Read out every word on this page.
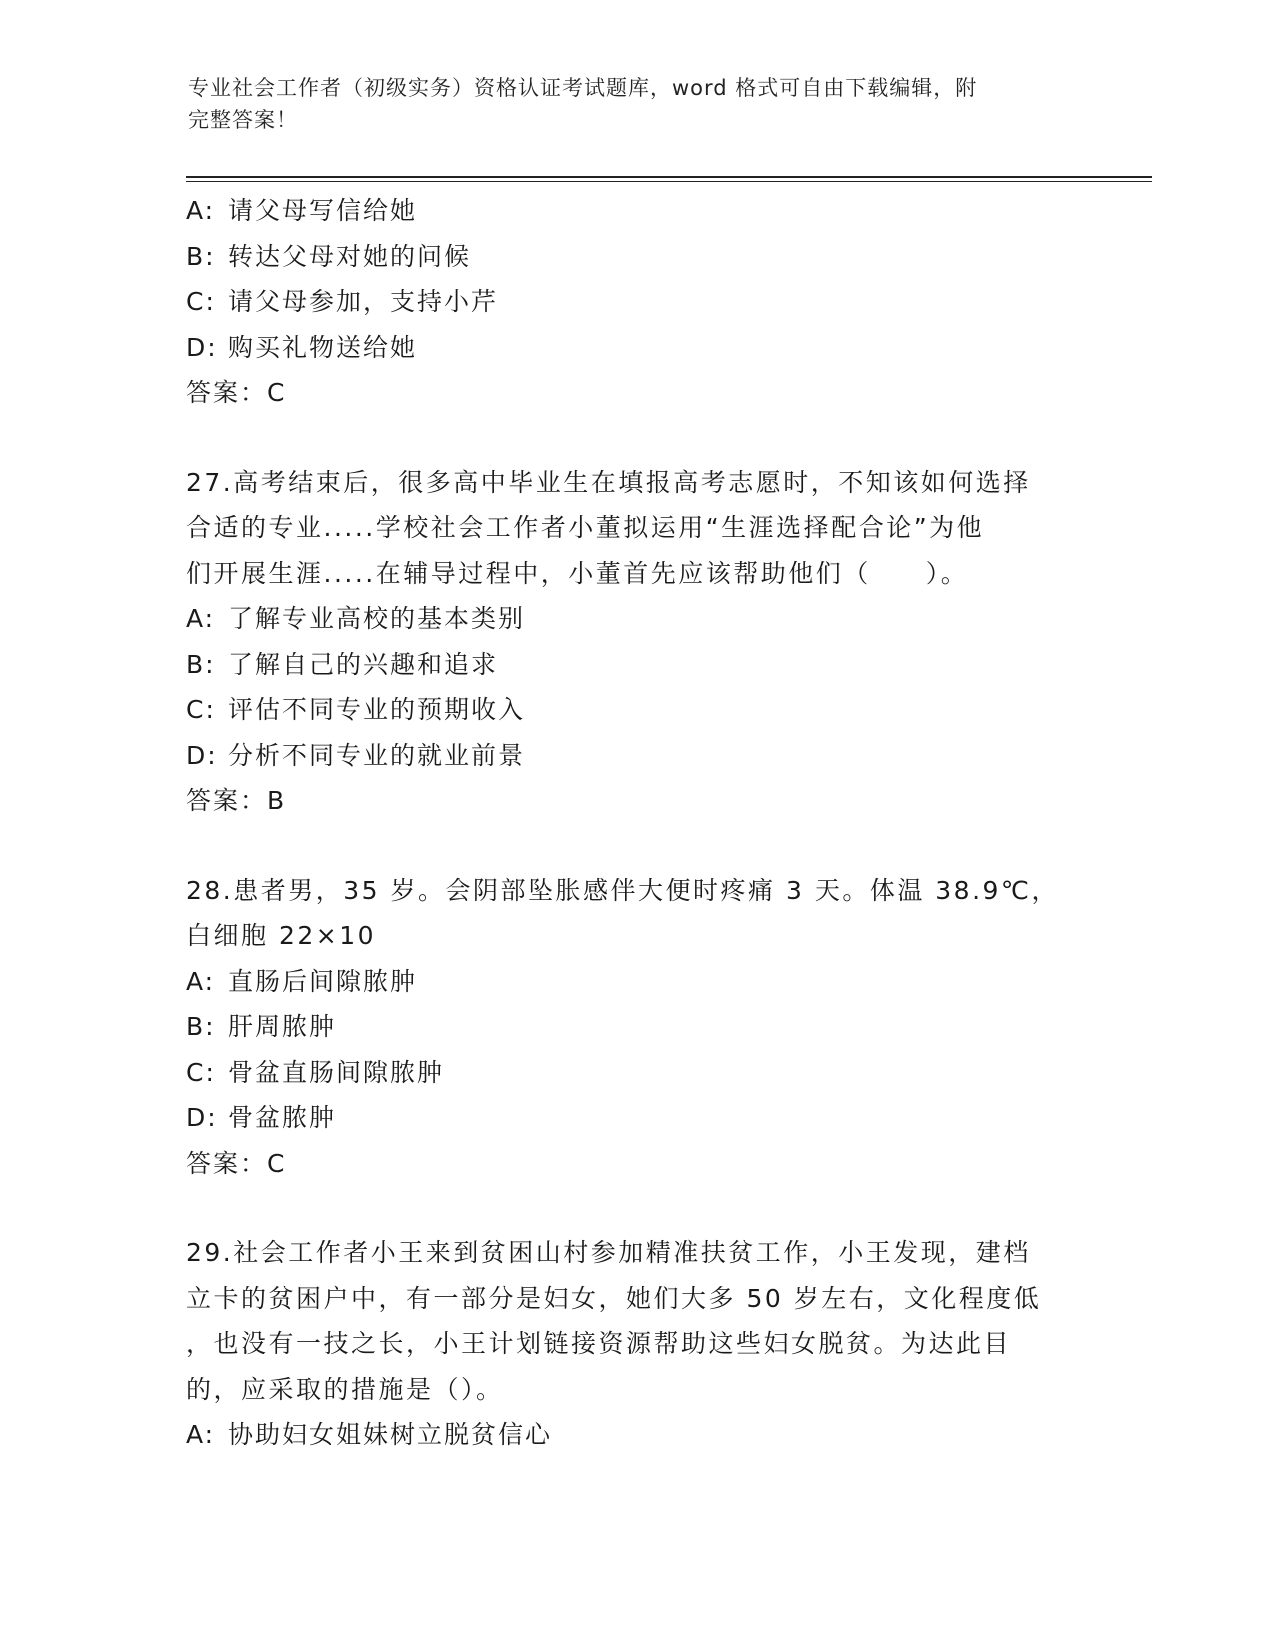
专业社会工作者（初级实务）资格认证考试题库，word 格式可自由下载编辑，附
完整答案！
A: 请父母写信给她
B: 转达父母对她的问候
C: 请父母参加，支持小芹
D: 购买礼物送给她
答案：C
27.高考结束后，很多高中毕业生在填报高考志愿时，不知该如何选择
合适的专业.....学校社会工作者小董拟运用“生涯选择配合论”为他
们开展生涯.....在辅导过程中，小董首先应该帮助他们（　　）。
A: 了解专业高校的基本类别
B: 了解自己的兴趣和追求
C: 评估不同专业的预期收入
D: 分析不同专业的就业前景
答案：B
28.患者男，35 岁。会阴部坠胀感伴大便时疼痛 3 天。体温 38.9℃，
白细胞 22×10
A: 直肠后间隙脓肿
B: 肝周脓肿
C: 骨盆直肠间隙脓肿
D: 骨盆脓肿
答案：C
29.社会工作者小王来到贫困山村参加精准扶贫工作，小王发现，建档
立卡的贫困户中，有一部分是妇女，她们大多 50 岁左右，文化程度低
，也没有一技之长，小王计划链接资源帮助这些妇女脱贫。为达此目
的，应采取的措施是（）。
A: 协助妇女姐妹树立脱贫信心
